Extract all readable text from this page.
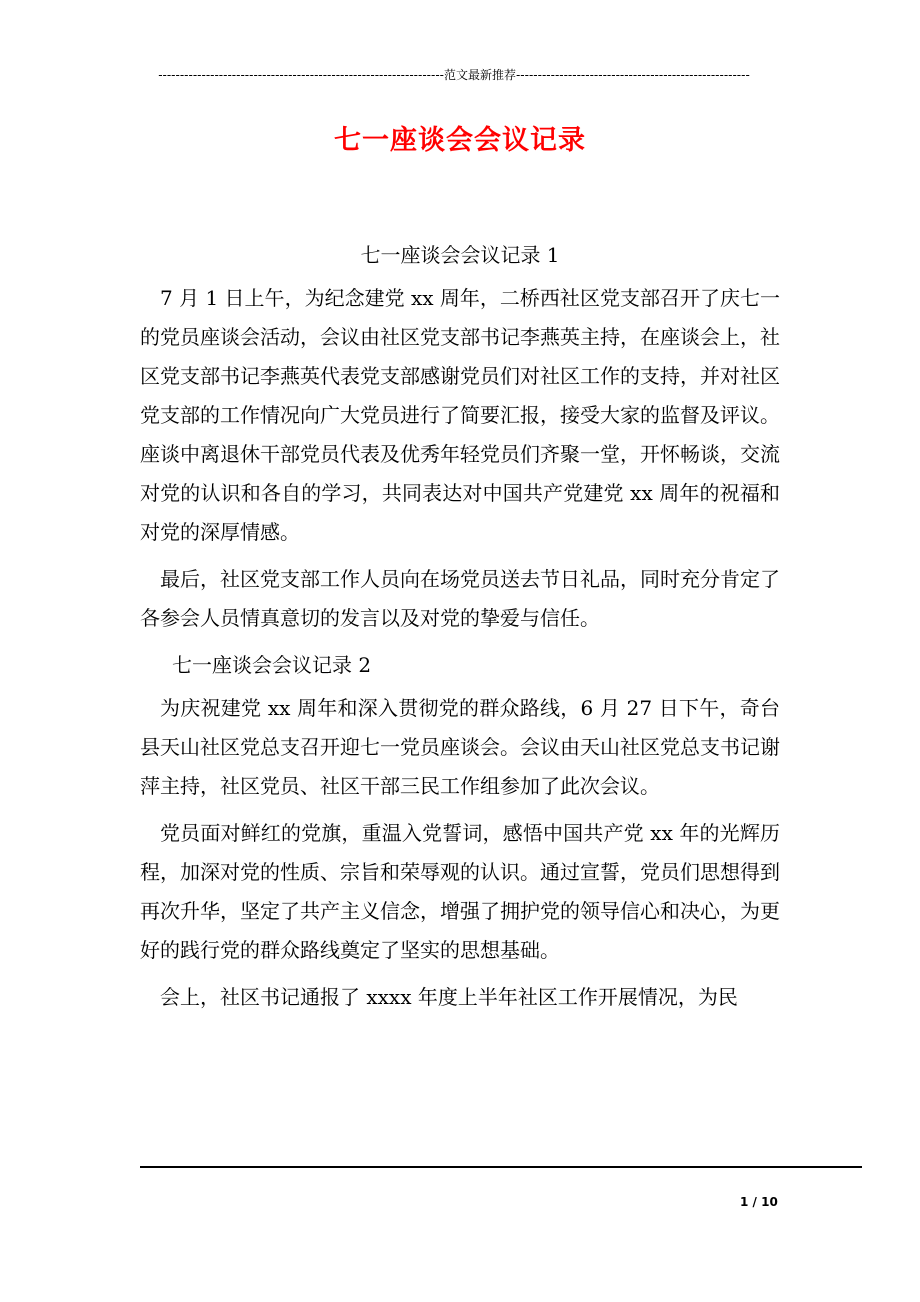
------------------------------------------------------------------范文最新推荐------------------------------------------------------
七一座谈会会议记录

七一座谈会会议记录 1

7 月 1 日上午，为纪念建党 xx 周年，二桥西社区党支部召开了庆七一的党员座谈会活动，会议由社区党支部书记李燕英主持，在座谈会上，社区党支部书记李燕英代表党支部感谢党员们对社区工作的支持，并对社区党支部的工作情况向广大党员进行了简要汇报，接受大家的监督及评议。座谈中离退休干部党员代表及优秀年轻党员们齐聚一堂，开怀畅谈，交流对党的认识和各自的学习，共同表达对中国共产党建党 xx 周年的祝福和对党的深厚情感。

最后，社区党支部工作人员向在场党员送去节日礼品，同时充分肯定了各参会人员情真意切的发言以及对党的挚爱与信任。

七一座谈会会议记录 2

为庆祝建党 xx 周年和深入贯彻党的群众路线，6 月 27 日下午，奇台县天山社区党总支召开迎七一党员座谈会。会议由天山社区党总支书记谢萍主持，社区党员、社区干部三民工作组参加了此次会议。

党员面对鲜红的党旗，重温入党誓词，感悟中国共产党 xx 年的光辉历程，加深对党的性质、宗旨和荣辱观的认识。通过宣誓，党员们思想得到再次升华，坚定了共产主义信念，增强了拥护党的领导信心和决心，为更好的践行党的群众路线奠定了坚实的思想基础。

会上，社区书记通报了 xxxx 年度上半年社区工作开展情况，为民

1 / 10
